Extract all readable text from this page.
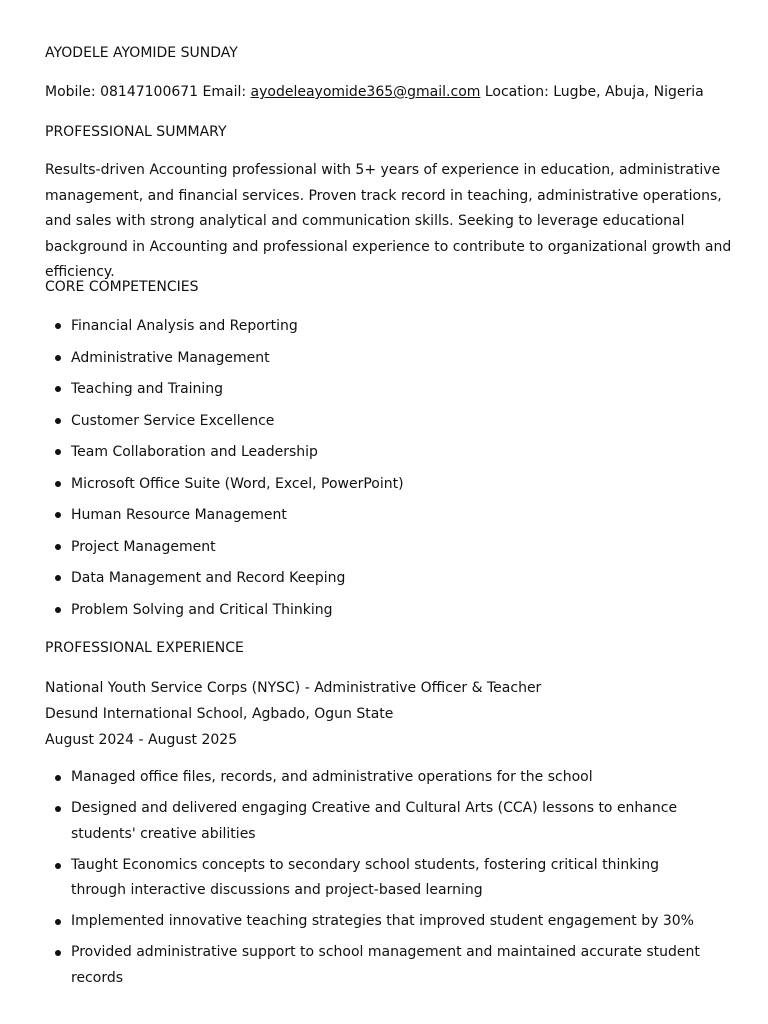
AYODELE AYOMIDE SUNDAY
Mobile: 08147100671 Email: ayodeleayomide365@gmail.com Location: Lugbe, Abuja, Nigeria
PROFESSIONAL SUMMARY
Results-driven Accounting professional with 5+ years of experience in education, administrative management, and financial services. Proven track record in teaching, administrative operations, and sales with strong analytical and communication skills. Seeking to leverage educational background in Accounting and professional experience to contribute to organizational growth and efficiency.
CORE COMPETENCIES
Financial Analysis and Reporting
Administrative Management
Teaching and Training
Customer Service Excellence
Team Collaboration and Leadership
Microsoft Office Suite (Word, Excel, PowerPoint)
Human Resource Management
Project Management
Data Management and Record Keeping
Problem Solving and Critical Thinking
PROFESSIONAL EXPERIENCE
National Youth Service Corps (NYSC) - Administrative Officer & Teacher
Desund International School, Agbado, Ogun State
August 2024 - August 2025
Managed office files, records, and administrative operations for the school
Designed and delivered engaging Creative and Cultural Arts (CCA) lessons to enhance students' creative abilities
Taught Economics concepts to secondary school students, fostering critical thinking through interactive discussions and project-based learning
Implemented innovative teaching strategies that improved student engagement by 30%
Provided administrative support to school management and maintained accurate student records
